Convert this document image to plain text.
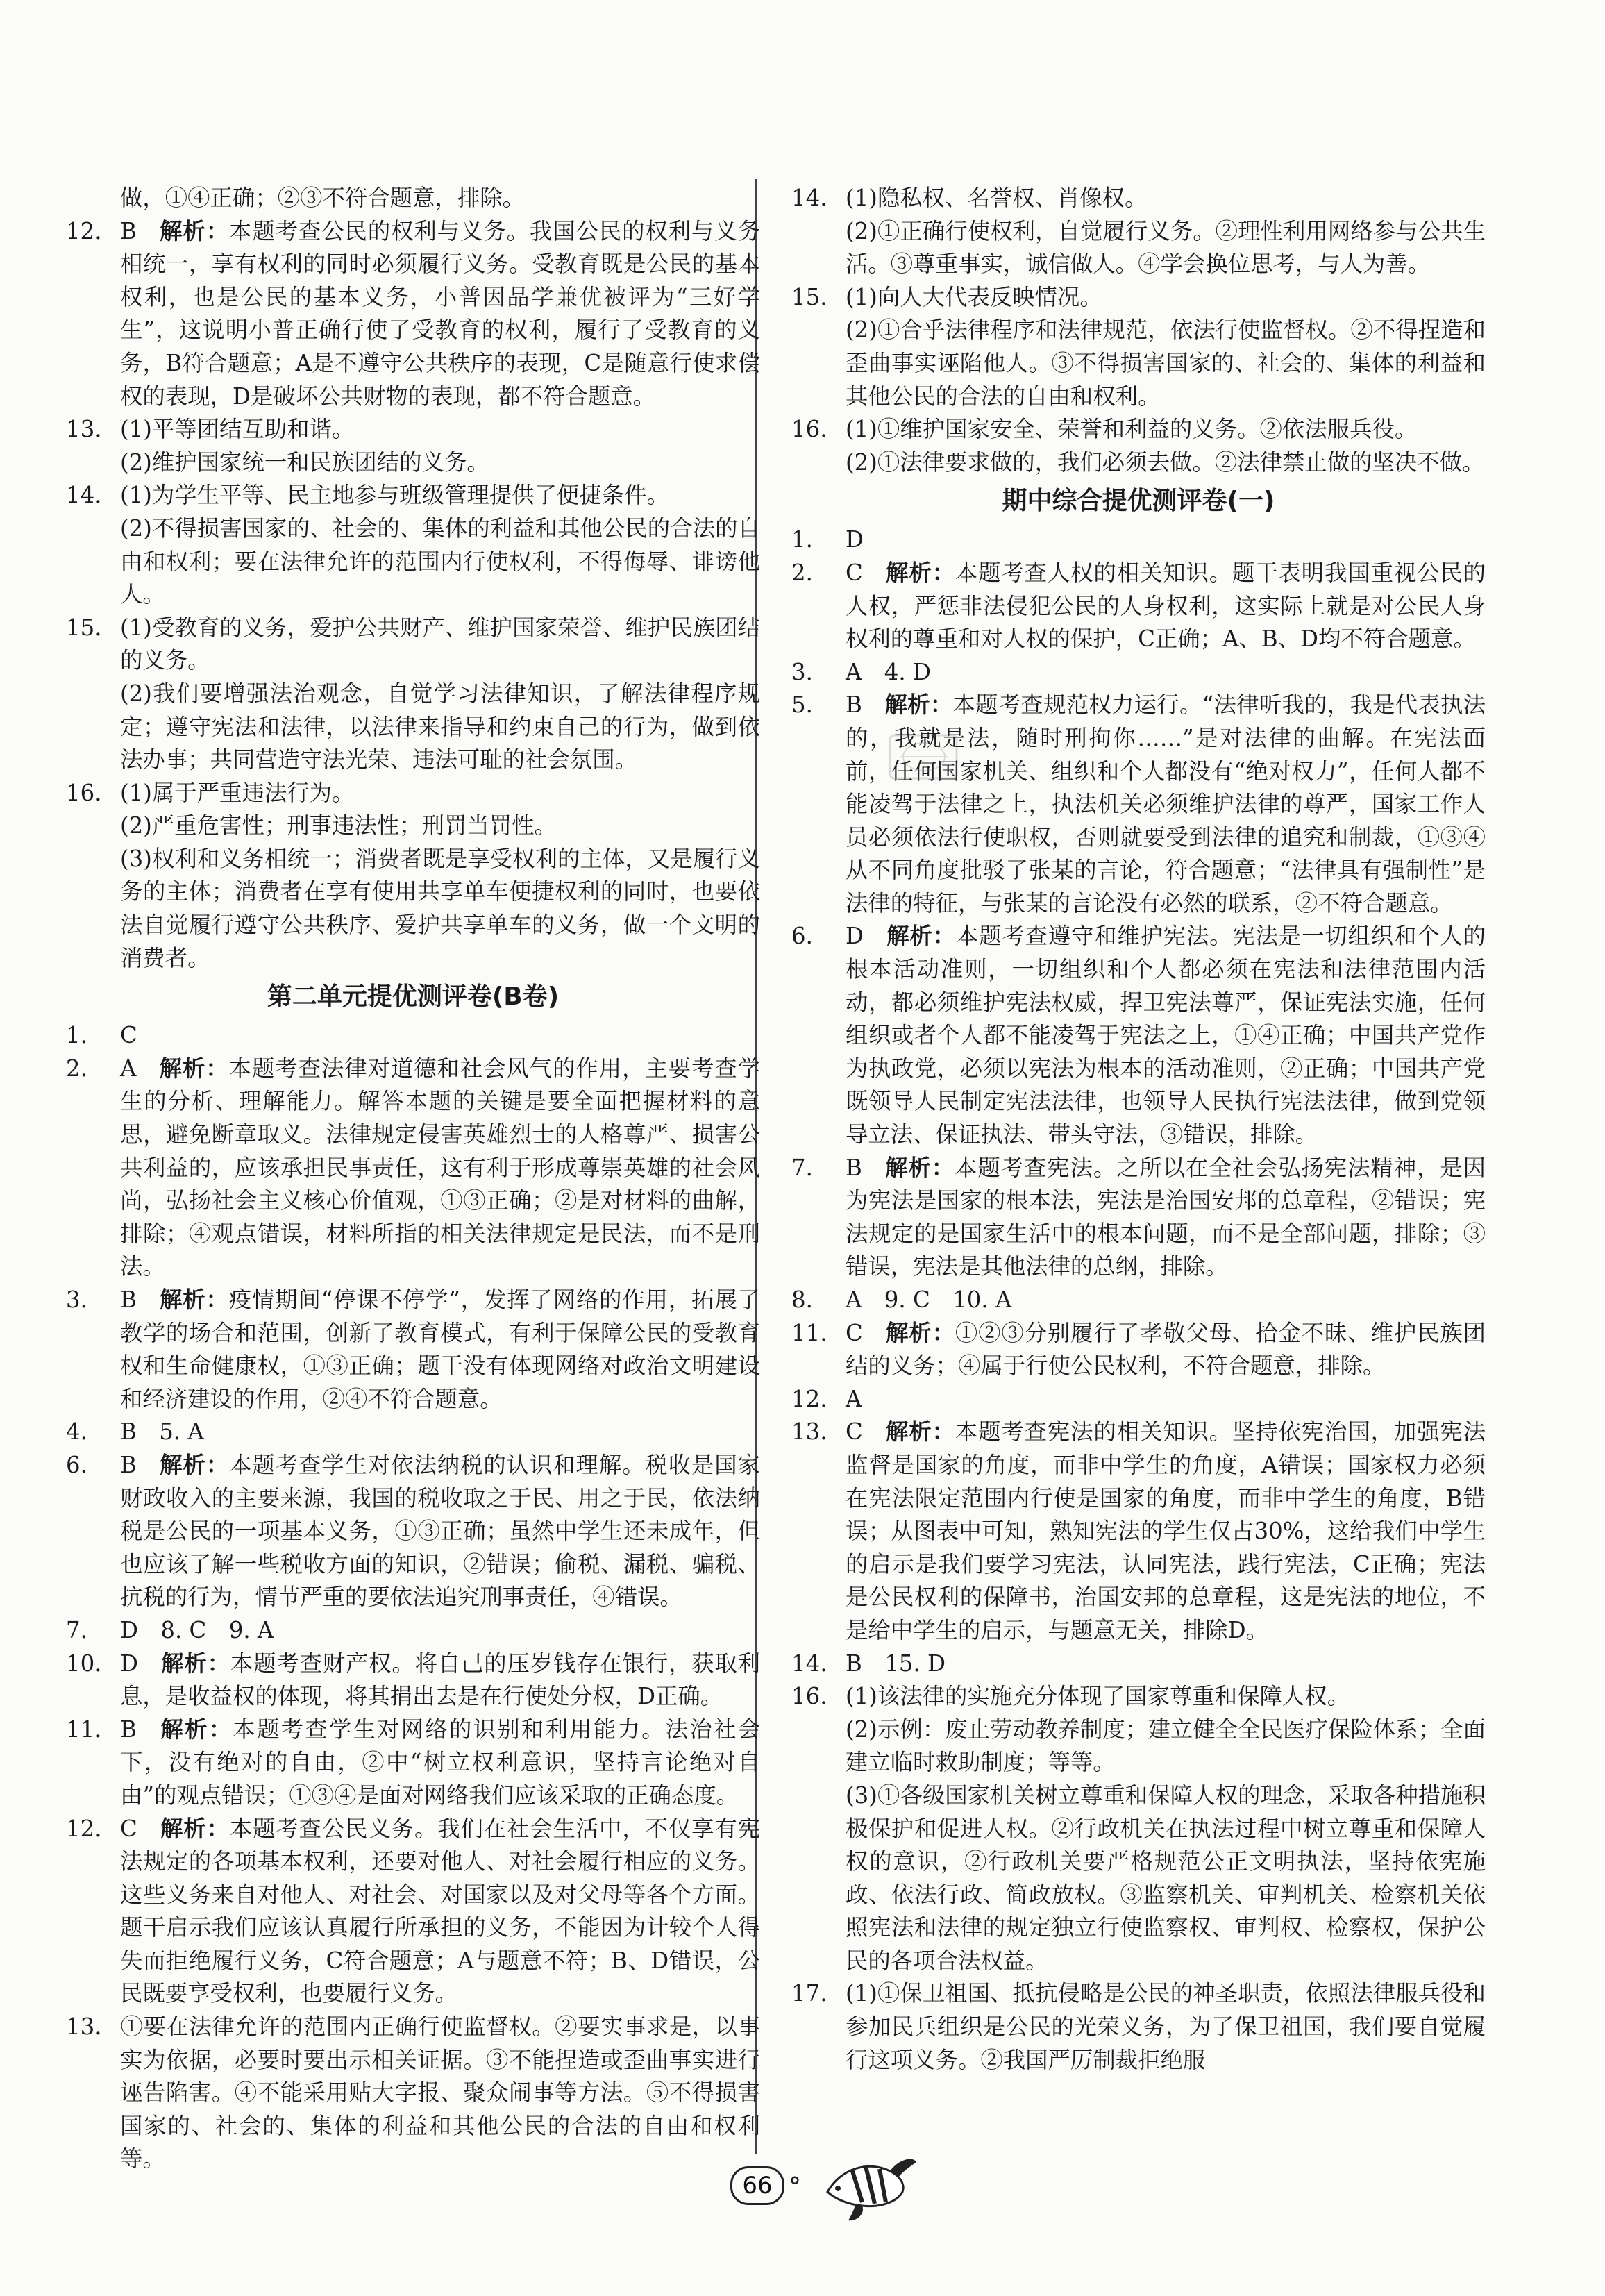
做，①④正确；②③不符合题意，排除。
12. B  解析：本题考查公民的权利与义务。我国公民的权利与义务相统一，享有权利的同时必须履行义务。受教育既是公民的基本权利，也是公民的基本义务，小普因品学兼优被评为“三好学生”，这说明小普正确行使了受教育的权利，履行了受教育的义务，B符合题意；A是不遵守公共秩序的表现，C是随意行使求偿权的表现，D是破坏公共财物的表现，都不符合题意。
13. (1)平等团结互助和谐。
(2)维护国家统一和民族团结的义务。
14. (1)为学生平等、民主地参与班级管理提供了便捷条件。
(2)不得损害国家的、社会的、集体的利益和其他公民的合法的自由和权利；要在法律允许的范围内行使权利，不得侮辱、诽谤他人。
15. (1)受教育的义务，爱护公共财产、维护国家荣誉、维护民族团结的义务。
(2)我们要增强法治观念，自觉学习法律知识，了解法律程序规定；遵守宪法和法律，以法律来指导和约束自己的行为，做到依法办事；共同营造守法光荣、违法可耻的社会氛围。
16. (1)属于严重违法行为。
(2)严重危害性；刑事违法性；刑罚当罚性。
(3)权利和义务相统一；消费者既是享受权利的主体，又是履行义务的主体；消费者在享有使用共享单车便捷权利的同时，也要依法自觉履行遵守公共秩序、爱护共享单车的义务，做一个文明的消费者。
第二单元提优测评卷(B卷)
1. C
2. A  解析：本题考查法律对道德和社会风气的作用，主要考查学生的分析、理解能力。解答本题的关键是要全面把握材料的意思，避免断章取义。法律规定侵害英雄烈士的人格尊严、损害公共利益的，应该承担民事责任，这有利于形成尊崇英雄的社会风尚，弘扬社会主义核心价值观，①③正确；②是对材料的曲解，排除；④观点错误，材料所指的相关法律规定是民法，而不是刑法。
3. B  解析：疫情期间“停课不停学”，发挥了网络的作用，拓展了教学的场合和范围，创新了教育模式，有利于保障公民的受教育权和生命健康权，①③正确；题干没有体现网络对政治文明建设和经济建设的作用，②④不符合题意。
4. B　5. A
6. B  解析：本题考查学生对依法纳税的认识和理解。税收是国家财政收入的主要来源，我国的税收取之于民、用之于民，依法纳税是公民的一项基本义务，①③正确；虽然中学生还未成年，但也应该了解一些税收方面的知识，②错误；偷税、漏税、骗税、抗税的行为，情节严重的要依法追究刑事责任，④错误。
7. D　8. C　9. A
10. D  解析：本题考查财产权。将自己的压岁钱存在银行，获取利息，是收益权的体现，将其捐出去是在行使处分权，D正确。
11. B  解析：本题考查学生对网络的识别和利用能力。法治社会下，没有绝对的自由，②中“树立权利意识，坚持言论绝对自由”的观点错误；①③④是面对网络我们应该采取的正确态度。
12. C  解析：本题考查公民义务。我们在社会生活中，不仅享有宪法规定的各项基本权利，还要对他人、对社会履行相应的义务。这些义务来自对他人、对社会、对国家以及对父母等各个方面。题干启示我们应该认真履行所承担的义务，不能因为计较个人得失而拒绝履行义务，C符合题意；A与题意不符；B、D错误，公民既要享受权利，也要履行义务。
13. ①要在法律允许的范围内正确行使监督权。②要实事求是，以事实为依据，必要时要出示相关证据。③不能捏造或歪曲事实进行诬告陷害。④不能采用贴大字报、聚众闹事等方法。⑤不得损害国家的、社会的、集体的利益和其他公民的合法的自由和权利等。
14. (1)隐私权、名誉权、肖像权。
(2)①正确行使权利，自觉履行义务。②理性利用网络参与公共生活。③尊重事实，诚信做人。④学会换位思考，与人为善。
15. (1)向人大代表反映情况。
(2)①合乎法律程序和法律规范，依法行使监督权。②不得捏造和歪曲事实诬陷他人。③不得损害国家的、社会的、集体的利益和其他公民的合法的自由和权利。
16. (1)①维护国家安全、荣誉和利益的义务。②依法服兵役。
(2)①法律要求做的，我们必须去做。②法律禁止做的坚决不做。
期中综合提优测评卷(一)
1. D
2. C  解析：本题考查人权的相关知识。题干表明我国重视公民的人权，严惩非法侵犯公民的人身权利，这实际上就是对公民人身权利的尊重和对人权的保护，C正确；A、B、D均不符合题意。
3. A　4. D
5. B  解析：本题考查规范权力运行。“法律听我的，我是代表执法的，我就是法，随时刑拘你……”是对法律的曲解。在宪法面前，任何国家机关、组织和个人都没有“绝对权力”，任何人都不能凌驾于法律之上，执法机关必须维护法律的尊严，国家工作人员必须依法行使职权，否则就要受到法律的追究和制裁，①③④从不同角度批驳了张某的言论，符合题意；“法律具有强制性”是法律的特征，与张某的言论没有必然的联系，②不符合题意。
6. D  解析：本题考查遵守和维护宪法。宪法是一切组织和个人的根本活动准则，一切组织和个人都必须在宪法和法律范围内活动，都必须维护宪法权威，捍卫宪法尊严，保证宪法实施，任何组织或者个人都不能凌驾于宪法之上，①④正确；中国共产党作为执政党，必须以宪法为根本的活动准则，②正确；中国共产党既领导人民制定宪法法律，也领导人民执行宪法法律，做到党领导立法、保证执法、带头守法，③错误，排除。
7. B  解析：本题考查宪法。之所以在全社会弘扬宪法精神，是因为宪法是国家的根本法，宪法是治国安邦的总章程，②错误；宪法规定的是国家生活中的根本问题，而不是全部问题，排除；③错误，宪法是其他法律的总纲，排除。
8. A　9. C　10. A
11. C  解析：①②③分别履行了孝敬父母、拾金不昧、维护民族团结的义务；④属于行使公民权利，不符合题意，排除。
12. A
13. C  解析：本题考查宪法的相关知识。坚持依宪治国，加强宪法监督是国家的角度，而非中学生的角度，A错误；国家权力必须在宪法限定范围内行使是国家的角度，而非中学生的角度，B错误；从图表中可知，熟知宪法的学生仅占30%，这给我们中学生的启示是我们要学习宪法，认同宪法，践行宪法，C正确；宪法是公民权利的保障书，治国安邦的总章程，这是宪法的地位，不是给中学生的启示，与题意无关，排除D。
14. B　15. D
16. (1)该法律的实施充分体现了国家尊重和保障人权。
(2)示例：废止劳动教养制度；建立健全全民医疗保险体系；全面建立临时救助制度；等等。
(3)①各级国家机关树立尊重和保障人权的理念，采取各种措施积极保护和促进人权。②行政机关在执法过程中树立尊重和保障人权的意识，②行政机关要严格规范公正文明执法，坚持依宪施政、依法行政、简政放权。③监察机关、审判机关、检察机关依照宪法和法律的规定独立行使监察权、审判权、检察权，保护公民的各项合法权益。
17. (1)①保卫祖国、抵抗侵略是公民的神圣职责，依照法律服兵役和参加民兵组织是公民的光荣义务，为了保卫祖国，我们要自觉履行这项义务。②我国严厉制裁拒绝服
66 °
